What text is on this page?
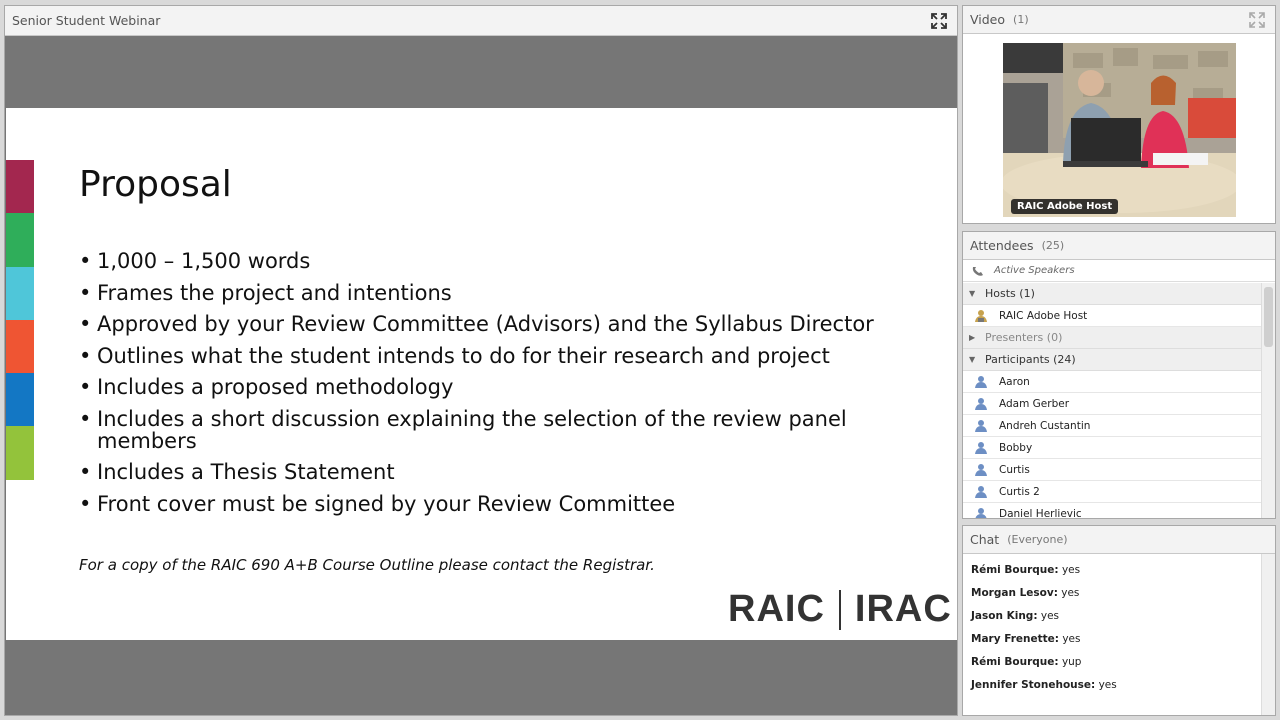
Senior Student Webinar
Proposal
• 1,000 – 1,500 words
• Frames the project and intentions
• Approved by your Review Committee (Advisors) and the Syllabus Director
• Outlines what the student intends to do for their research and project
• Includes a proposed methodology
• Includes a short discussion explaining the selection of the review panel members
• Includes a Thesis Statement
• Front cover must be signed by your Review Committee
For a copy of the RAIC 690 A+B Course Outline please contact the Registrar.
RAIC IRAC
Video (1)
RAIC Adobe Host
Attendees (25)
Active Speakers
▼ Hosts (1)
RAIC Adobe Host
▶ Presenters (0)
▼ Participants (24)
Aaron
Adam Gerber
Andreh Custantin
Bobby
Curtis
Curtis 2
Daniel Herlievic
Chat (Everyone)
Rémi Bourque: yes
Morgan Lesov: yes
Jason King: yes
Mary Frenette: yes
Rémi Bourque: yup
Jennifer Stonehouse: yes
